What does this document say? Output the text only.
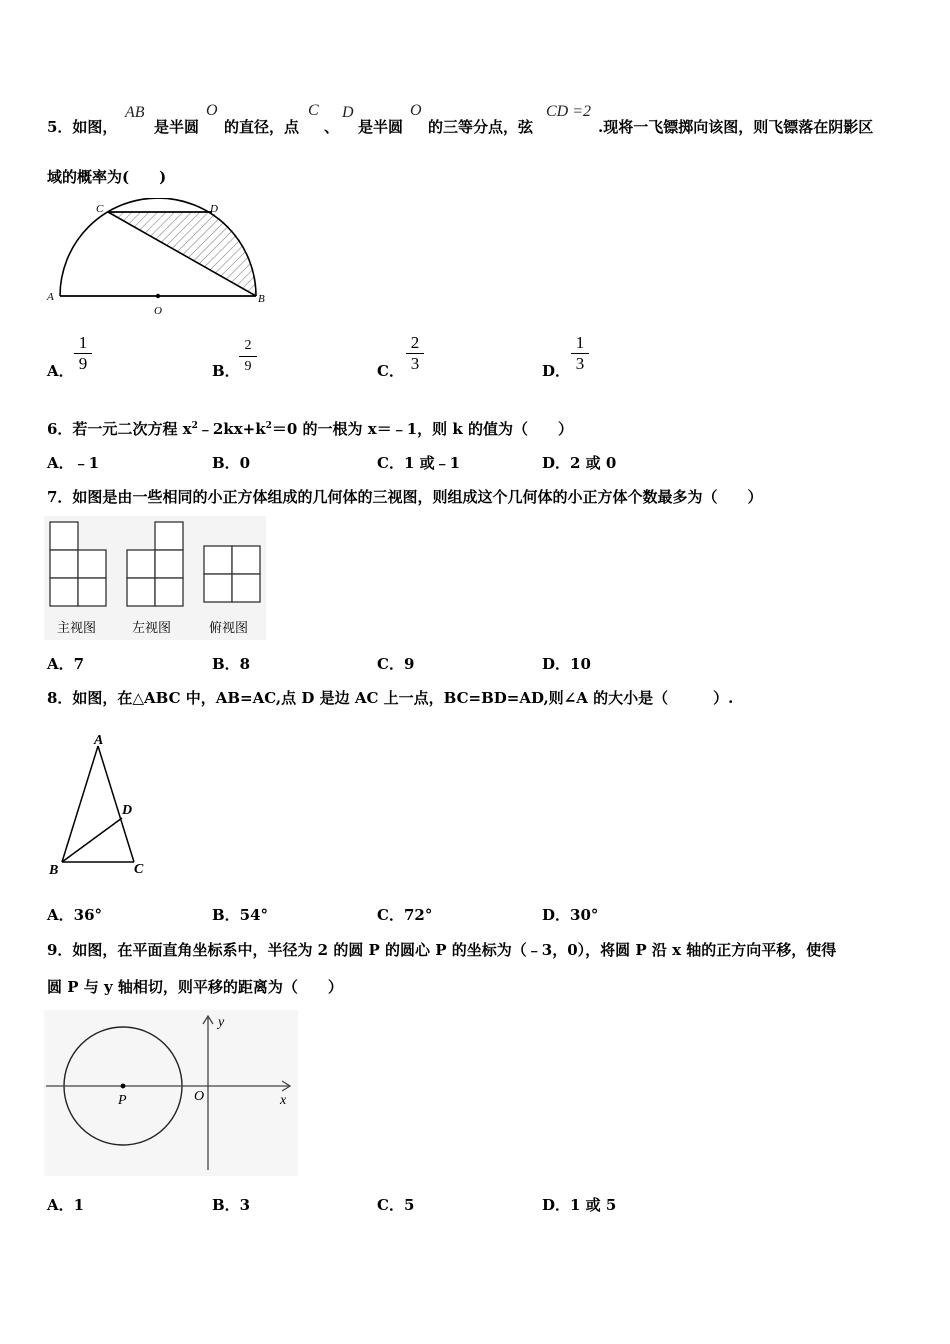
5．如图，
AB
是半圆
O
的直径，点
C
、
D
是半圆
O
的三等分点，弦
CD =2
.现将一飞镖掷向该图，则飞镖落在阴影区
域的概率为(　　)
C	D
A
O
B
A．
1
9	B．
2
9	C．
2
3	D．
1
3
6．若一元二次方程 $x^2﹣2kx+k^2=0$ 的一根为 x＝﹣1，则 k 的值为（　　）
A．﹣1	B．0	C．1 或﹣1	D．2 或 0
7．如图是由一些相同的小正方体组成的几何体的三视图，则组成这个几何体的小正方体个数最多为（　　）
主视图	左视图	俯视图
A．7	B．8	C．9	D．10
8．如图，在△ABC 中，AB=AC,点 D 是边 AC 上一点，BC=BD=AD,则∠A 的大小是（　　　）.
A
D
B	C
A．36°	B．54°	C．72°	D．30°
9．如图，在平面直角坐标系中，半径为 2 的圆 P 的圆心 P 的坐标为（﹣3，0），将圆 P 沿 x 轴的正方向平移，使得
圆 P 与 y 轴相切，则平移的距离为（　　）
y
P	O	x
A．1	B．3	C．5	D．1 或 5
